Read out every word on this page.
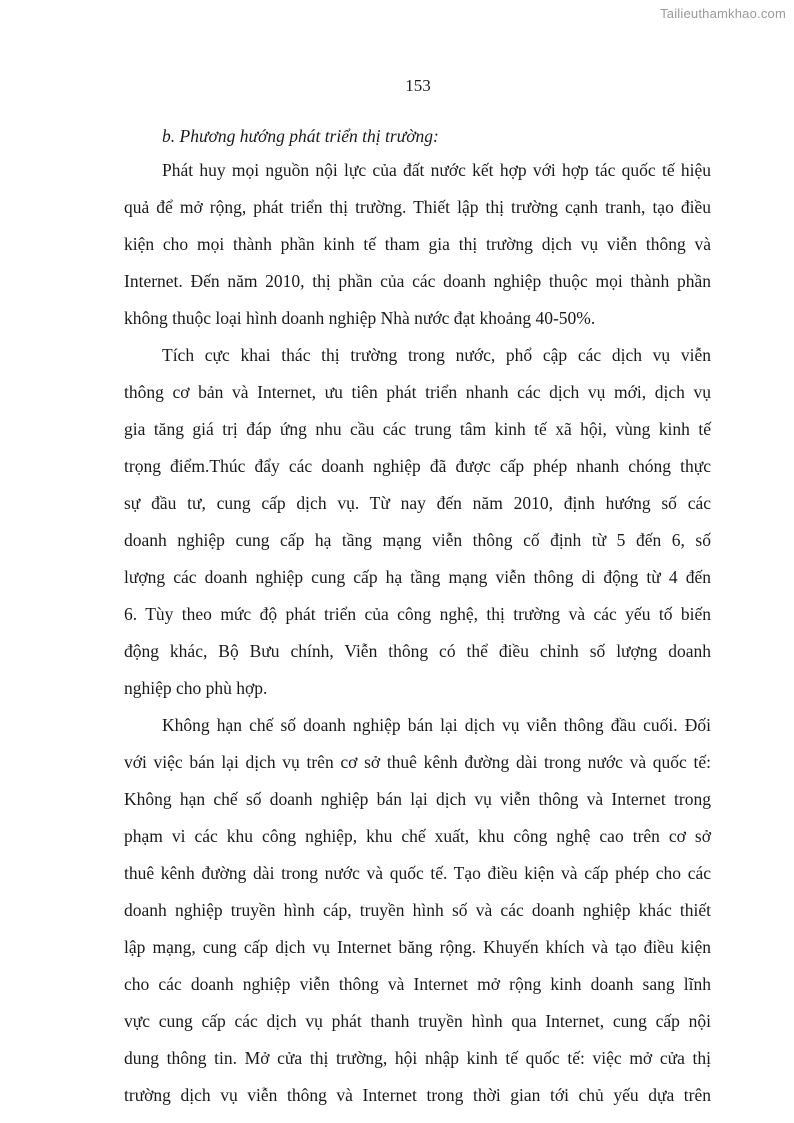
Tailieuthamkhao.com
153
b. Phương hướng phát triển thị trường:
Phát huy mọi nguồn nội lực của đất nước kết hợp với hợp tác quốc tế hiệu
quả để mở rộng, phát triển thị trường. Thiết lập thị trường cạnh tranh, tạo điều
kiện cho mọi thành phần kinh tế tham gia thị trường dịch vụ viễn thông và
Internet. Đến năm 2010, thị phần của các doanh nghiệp thuộc mọi thành phần
không thuộc loại hình doanh nghiệp Nhà nước đạt khoảng 40-50%.
Tích cực khai thác thị trường trong nước, phổ cập các dịch vụ viễn
thông cơ bản và Internet, ưu tiên phát triển nhanh các dịch vụ mới, dịch vụ
gia tăng giá trị đáp ứng nhu cầu các trung tâm kinh tế xã hội, vùng kinh tế
trọng điểm.Thúc đẩy các doanh nghiệp đã được cấp phép nhanh chóng thực
sự đầu tư, cung cấp dịch vụ. Từ nay đến năm 2010, định hướng số các
doanh nghiệp cung cấp hạ tầng mạng viễn thông cố định từ 5 đến 6, số
lượng các doanh nghiệp cung cấp hạ tầng mạng viễn thông di động từ 4 đến
6. Tùy theo mức độ phát triển của công nghệ, thị trường và các yếu tố biến
động khác, Bộ Bưu chính, Viễn thông có thể điều chỉnh số lượng doanh
nghiệp cho phù hợp.
Không hạn chế số doanh nghiệp bán lại dịch vụ viễn thông đầu cuối. Đối
với việc bán lại dịch vụ trên cơ sở thuê kênh đường dài trong nước và quốc tế:
Không hạn chế số doanh nghiệp bán lại dịch vụ viễn thông và Internet trong
phạm vi các khu công nghiệp, khu chế xuất, khu công nghệ cao trên cơ sở
thuê kênh đường dài trong nước và quốc tế. Tạo điều kiện và cấp phép cho các
doanh nghiệp truyền hình cáp, truyền hình số và các doanh nghiệp khác thiết
lập mạng, cung cấp dịch vụ Internet băng rộng. Khuyến khích và tạo điều kiện
cho các doanh nghiệp viễn thông và Internet mở rộng kinh doanh sang lĩnh
vực cung cấp các dịch vụ phát thanh truyền hình qua Internet, cung cấp nội
dung thông tin. Mở cửa thị trường, hội nhập kinh tế quốc tế: việc mở cửa thị
trường dịch vụ viễn thông và Internet trong thời gian tới chủ yếu dựa trên
